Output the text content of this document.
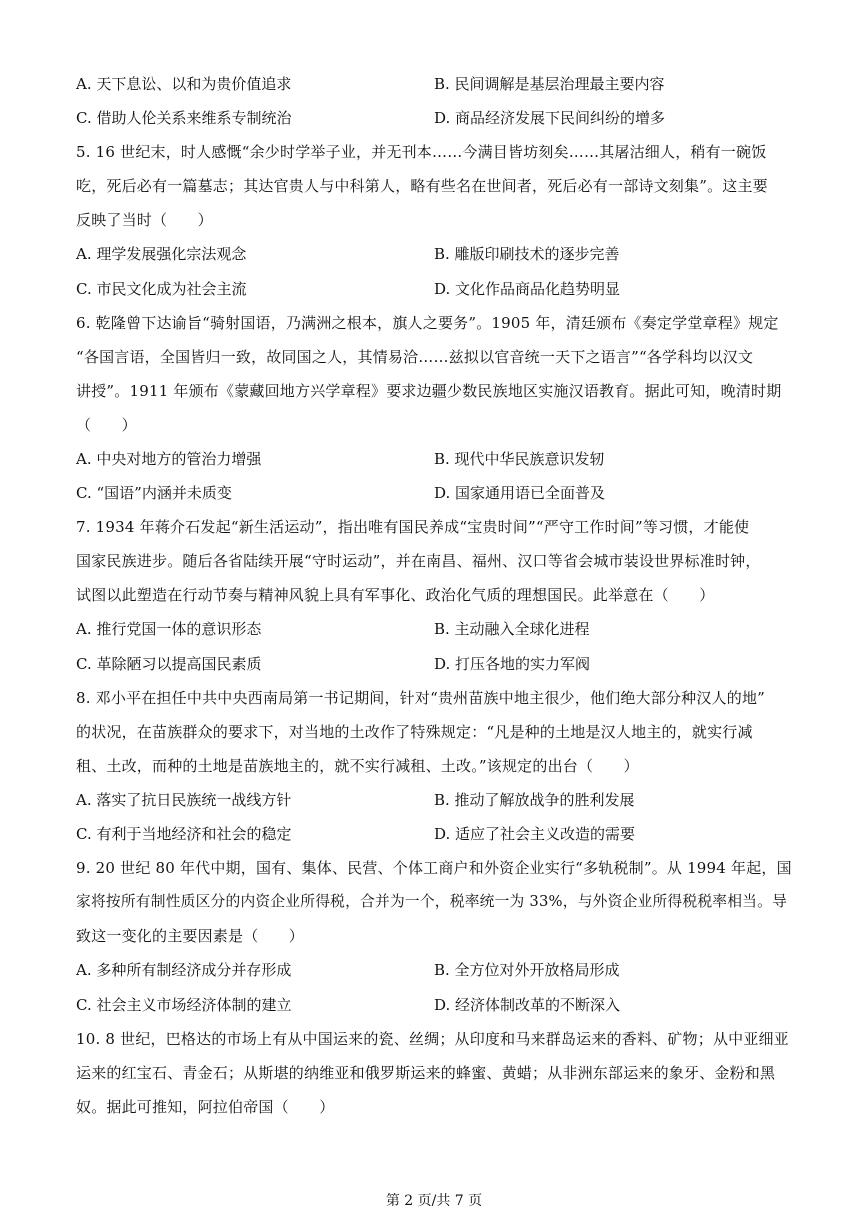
A. 天下息讼、以和为贵价值追求	B. 民间调解是基层治理最主要内容
C. 借助人伦关系来维系专制统治	D. 商品经济发展下民间纠纷的增多
5. 16 世纪末，时人感慨“余少时学举子业，并无刊本……今满目皆坊刻矣……其屠沽细人，稍有一碗饭
吃，死后必有一篇墓志；其达官贵人与中科第人，略有些名在世间者，死后必有一部诗文刻集”。这主要
反映了当时（　　）
A. 理学发展强化宗法观念	B. 雕版印刷技术的逐步完善
C. 市民文化成为社会主流	D. 文化作品商品化趋势明显
6. 乾隆曾下达谕旨“骑射国语，乃满洲之根本，旗人之要务”。1905 年，清廷颁布《奏定学堂章程》规定
“各国言语，全国皆归一致，故同国之人，其情易洽……兹拟以官音统一天下之语言”“各学科均以汉文
讲授”。1911 年颁布《蒙藏回地方兴学章程》要求边疆少数民族地区实施汉语教育。据此可知，晚清时期
（　　）
A. 中央对地方的管治力增强	B. 现代中华民族意识发轫
C. “国语”内涵并未质变	D. 国家通用语已全面普及
7. 1934 年蒋介石发起“新生活运动”，指出唯有国民养成“宝贵时间”“严守工作时间”等习惯，才能使
国家民族进步。随后各省陆续开展“守时运动”，并在南昌、福州、汉口等省会城市装设世界标准时钟，
试图以此塑造在行动节奏与精神风貌上具有军事化、政治化气质的理想国民。此举意在（　　）
A. 推行党国一体的意识形态	B. 主动融入全球化进程
C. 革除陋习以提高国民素质	D. 打压各地的实力军阀
8. 邓小平在担任中共中央西南局第一书记期间，针对“贵州苗族中地主很少，他们绝大部分种汉人的地”
的状况，在苗族群众的要求下，对当地的土改作了特殊规定：“凡是种的土地是汉人地主的，就实行减
租、土改，而种的土地是苗族地主的，就不实行减租、土改。”该规定的出台（　　）
A. 落实了抗日民族统一战线方针	B. 推动了解放战争的胜利发展
C. 有利于当地经济和社会的稳定	D. 适应了社会主义改造的需要
9. 20 世纪 80 年代中期，国有、集体、民营、个体工商户和外资企业实行“多轨税制”。从 1994 年起，国
家将按所有制性质区分的内资企业所得税，合并为一个，税率统一为 33%，与外资企业所得税税率相当。导
致这一变化的主要因素是（　　）
A. 多种所有制经济成分并存形成	B. 全方位对外开放格局形成
C. 社会主义市场经济体制的建立	D. 经济体制改革的不断深入
10. 8 世纪，巴格达的市场上有从中国运来的瓷、丝绸；从印度和马来群岛运来的香料、矿物；从中亚细亚
运来的红宝石、青金石；从斯堪的纳维亚和俄罗斯运来的蜂蜜、黄蜡；从非洲东部运来的象牙、金粉和黑
奴。据此可推知，阿拉伯帝国（　　）
第 2 页/共 7 页
